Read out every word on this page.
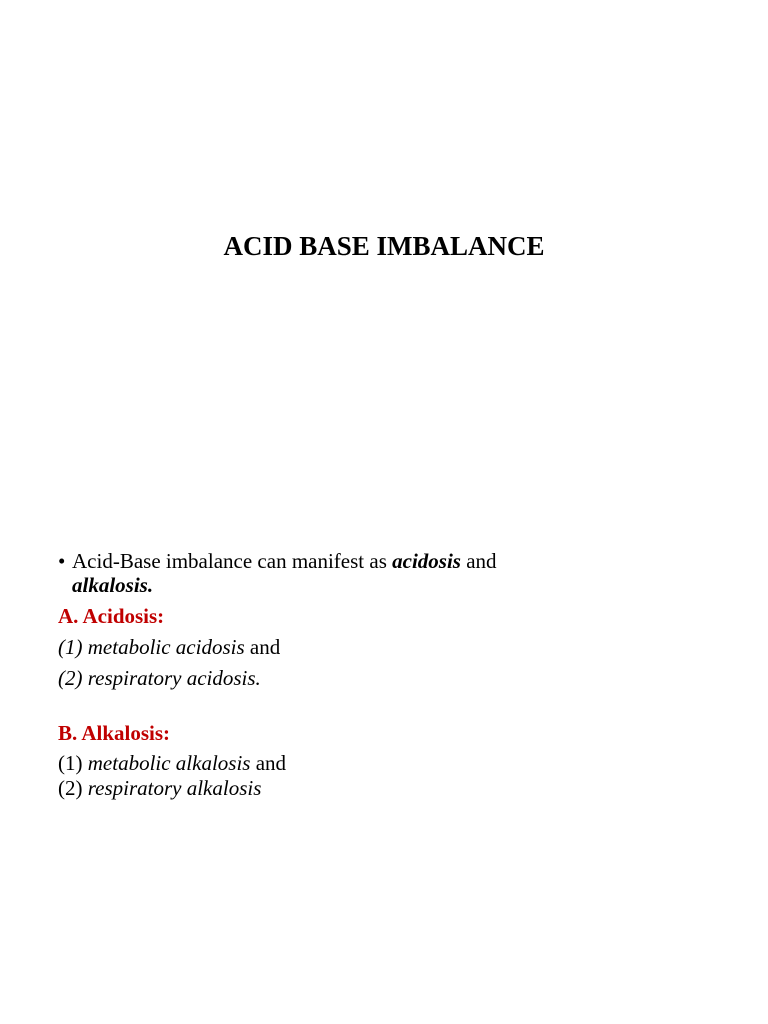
ACID BASE IMBALANCE
• Acid-Base imbalance can manifest as acidosis and
alkalosis.
A. Acidosis:
(1) metabolic acidosis and
(2) respiratory acidosis.
B. Alkalosis:
(1) metabolic alkalosis and
(2) respiratory alkalosis
